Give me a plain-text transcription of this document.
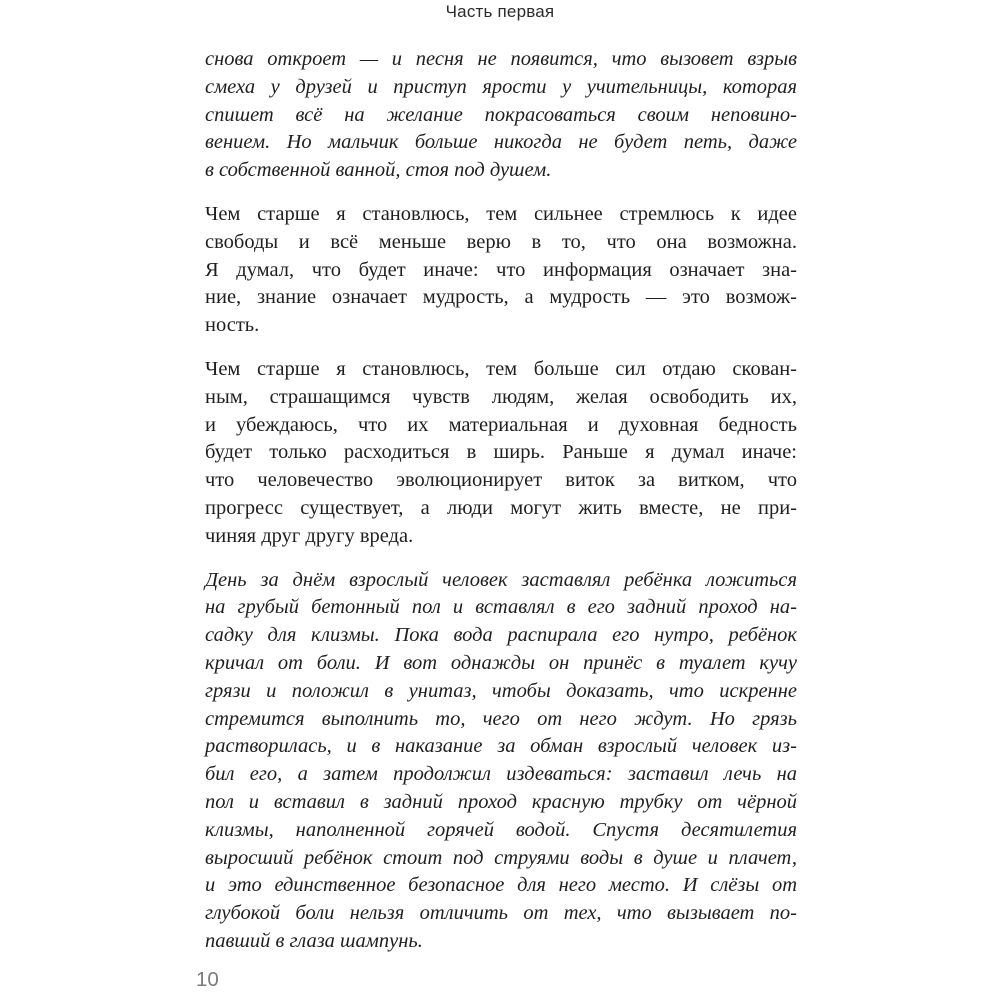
Часть первая
снова откроет — и песня не появится, что вызовет взрыв
смеха у друзей и приступ ярости у учительницы, которая
спишет всё на желание покрасоваться своим неповино-
вением. Но мальчик больше никогда не будет петь, даже
в собственной ванной, стоя под душем.
Чем старше я становлюсь, тем сильнее стремлюсь к идее
свободы и всё меньше верю в то, что она возможна.
Я думал, что будет иначе: что информация означает зна-
ние, знание означает мудрость, а мудрость — это возмож-
ность.
Чем старше я становлюсь, тем больше сил отдаю скован-
ным, страшащимся чувств людям, желая освободить их,
и убеждаюсь, что их материальная и духовная бедность
будет только расходиться в ширь. Раньше я думал иначе:
что человечество эволюционирует виток за витком, что
прогресс существует, а люди могут жить вместе, не при-
чиняя друг другу вреда.
День за днём взрослый человек заставлял ребёнка ложиться
на грубый бетонный пол и вставлял в его задний проход на-
садку для клизмы. Пока вода распирала его нутро, ребёнок
кричал от боли. И вот однажды он принёс в туалет кучу
грязи и положил в унитаз, чтобы доказать, что искренне
стремится выполнить то, чего от него ждут. Но грязь
растворилась, и в наказание за обман взрослый человек из-
бил его, а затем продолжил издеваться: заставил лечь на
пол и вставил в задний проход красную трубку от чёрной
клизмы, наполненной горячей водой. Спустя десятилетия
выросший ребёнок стоит под струями воды в душе и плачет,
и это единственное безопасное для него место. И слёзы от
глубокой боли нельзя отличить от тех, что вызывает по-
павший в глаза шампунь.
10
